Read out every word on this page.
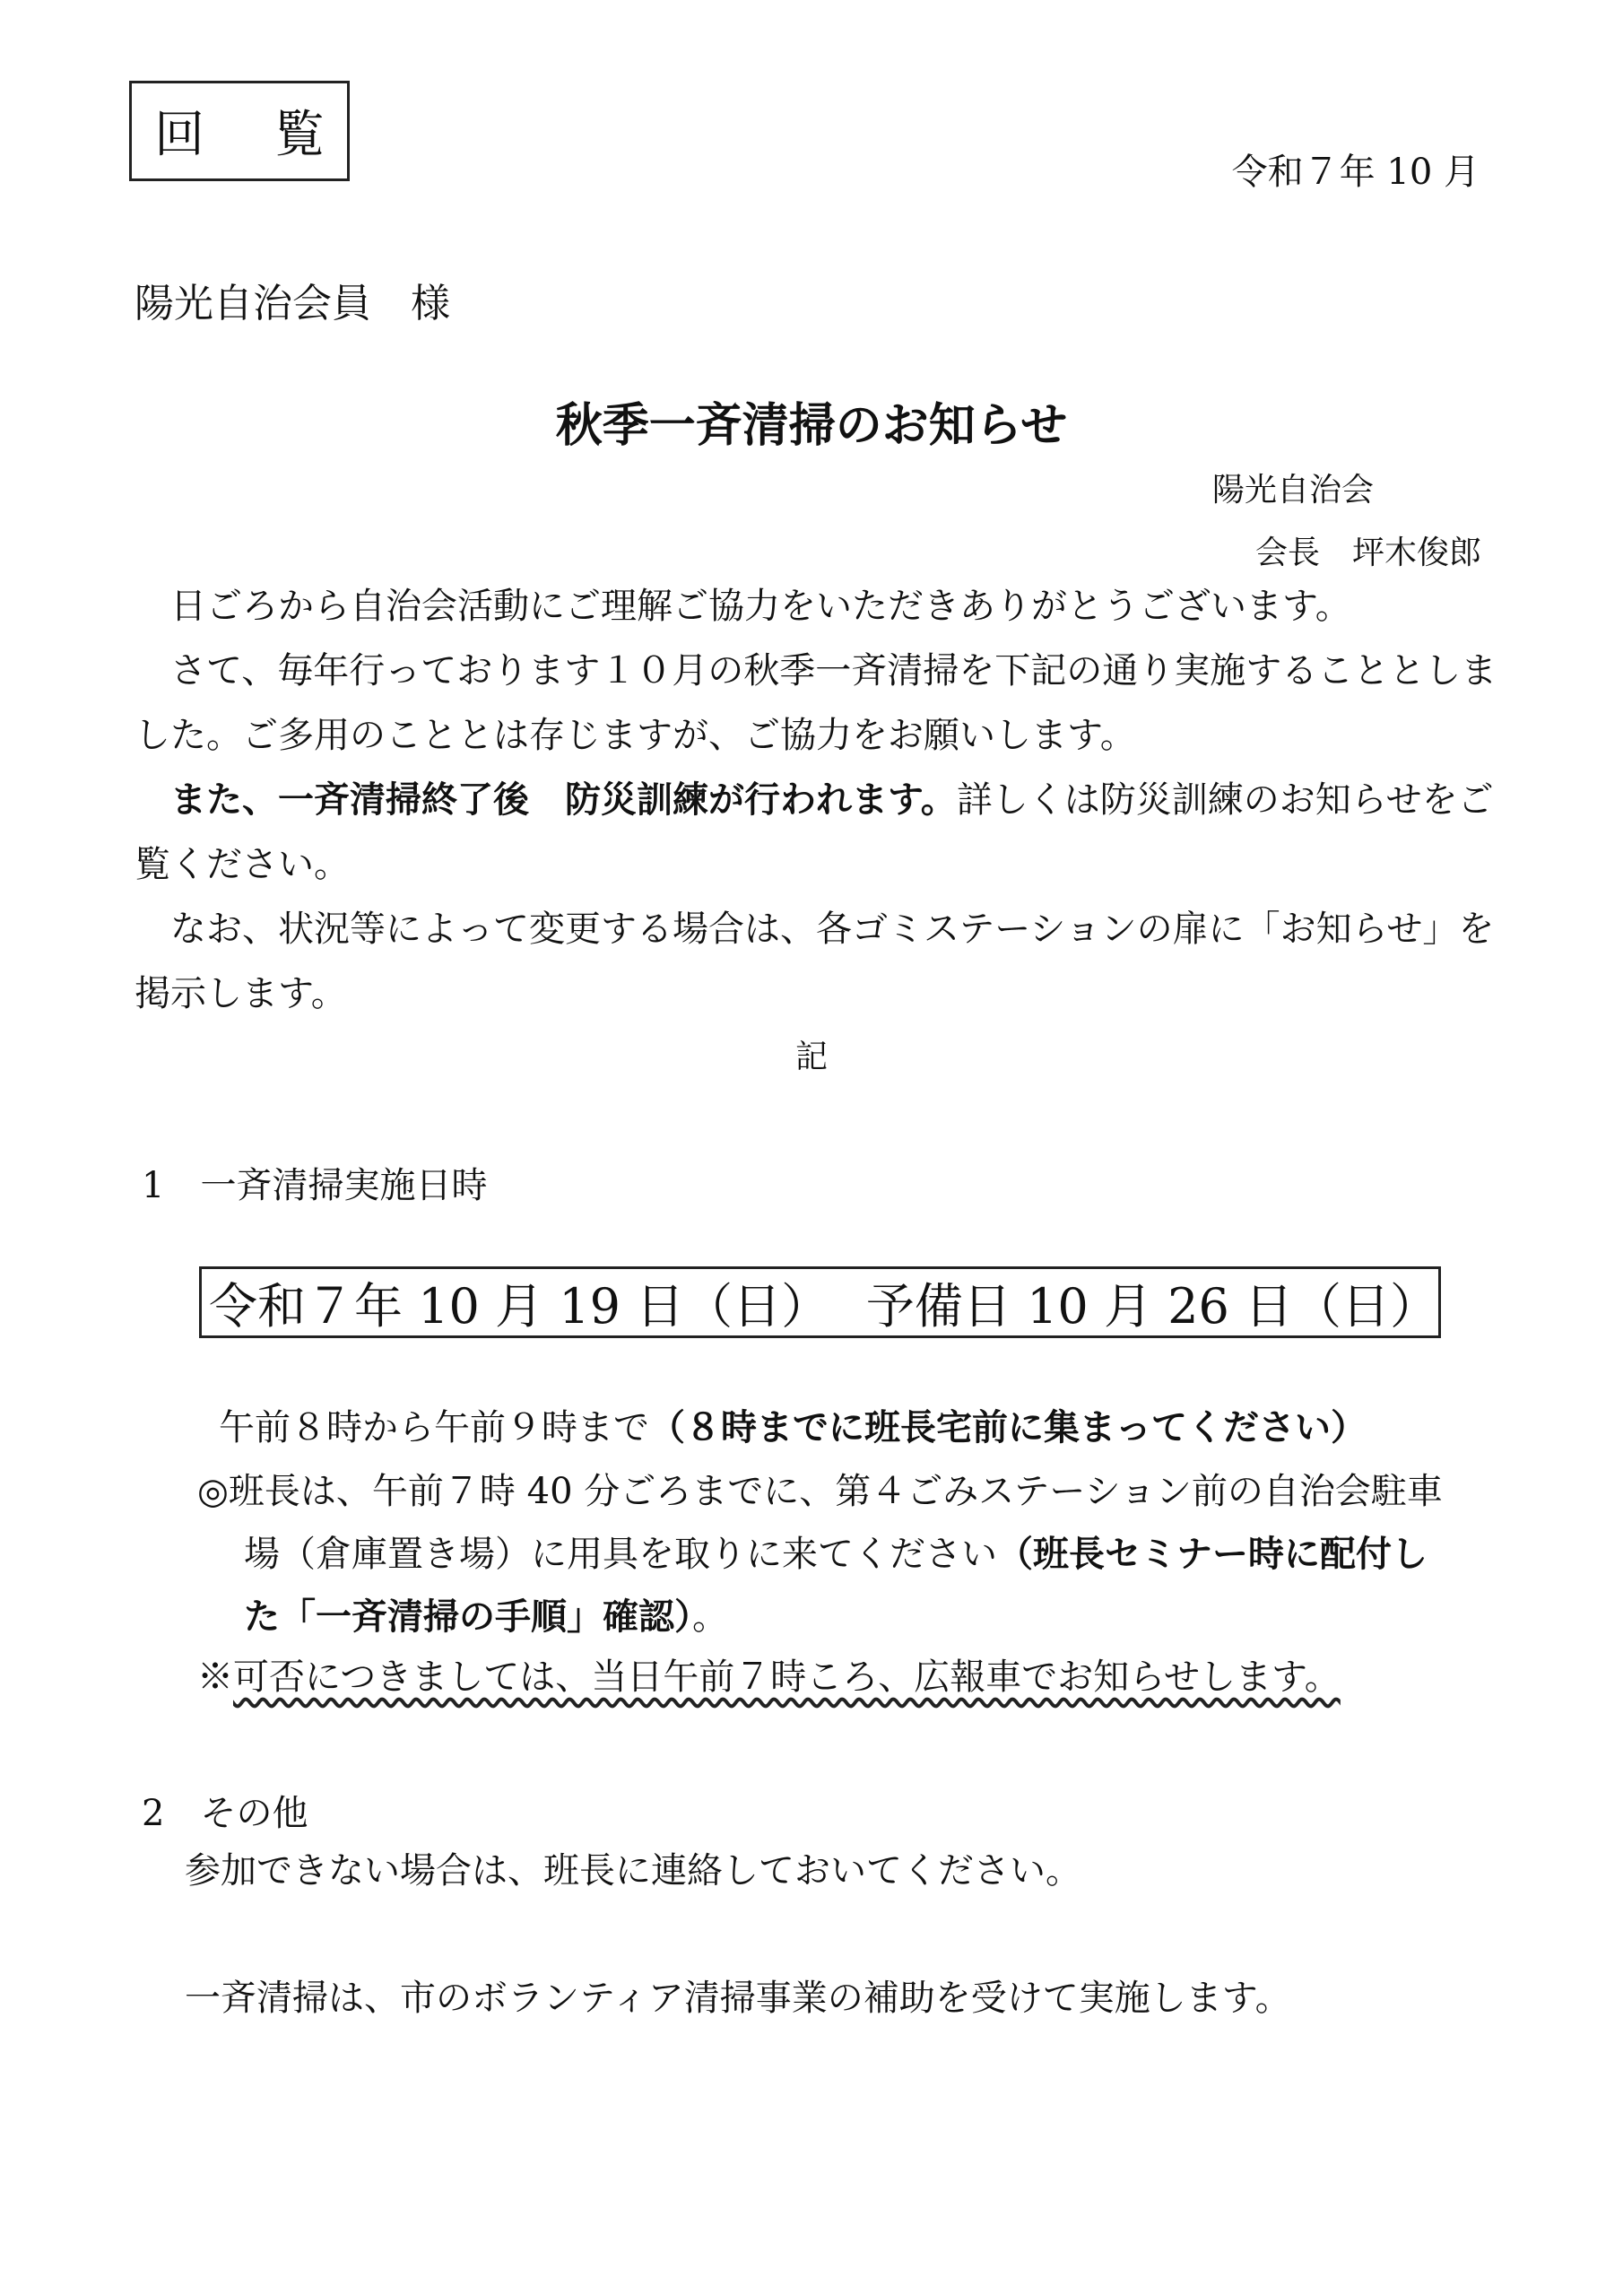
回 覧
令和７年 10 月
陽光自治会員　様
秋季一斉清掃のお知らせ
陽光自治会
会長　坪木俊郎
日ごろから自治会活動にご理解ご協力をいただきありがとうございます。
さて、毎年行っております１０月の秋季一斉清掃を下記の通り実施することとしました。ご多用のこととは存じますが、ご協力をお願いします。
また、一斉清掃終了後　防災訓練が行われます。詳しくは防災訓練のお知らせをご覧ください。
なお、状況等によって変更する場合は、各ゴミステーションの扉に「お知らせ」を掲示します。
記
1　一斉清掃実施日時
令和７年 10 月 19 日（日） 予備日 10 月 26 日（日）
午前８時から午前９時まで（８時までに班長宅前に集まってください）
◎班長は、午前７時 40 分ごろまでに、第４ごみステーション前の自治会駐車
場（倉庫置き場）に用具を取りに来てください（班長セミナー時に配付し
た「一斉清掃の手順」確認）。
※可否につきましては、当日午前７時ころ、広報車でお知らせします。
2　その他
参加できない場合は、班長に連絡しておいてください。
一斉清掃は、市のボランティア清掃事業の補助を受けて実施します。
